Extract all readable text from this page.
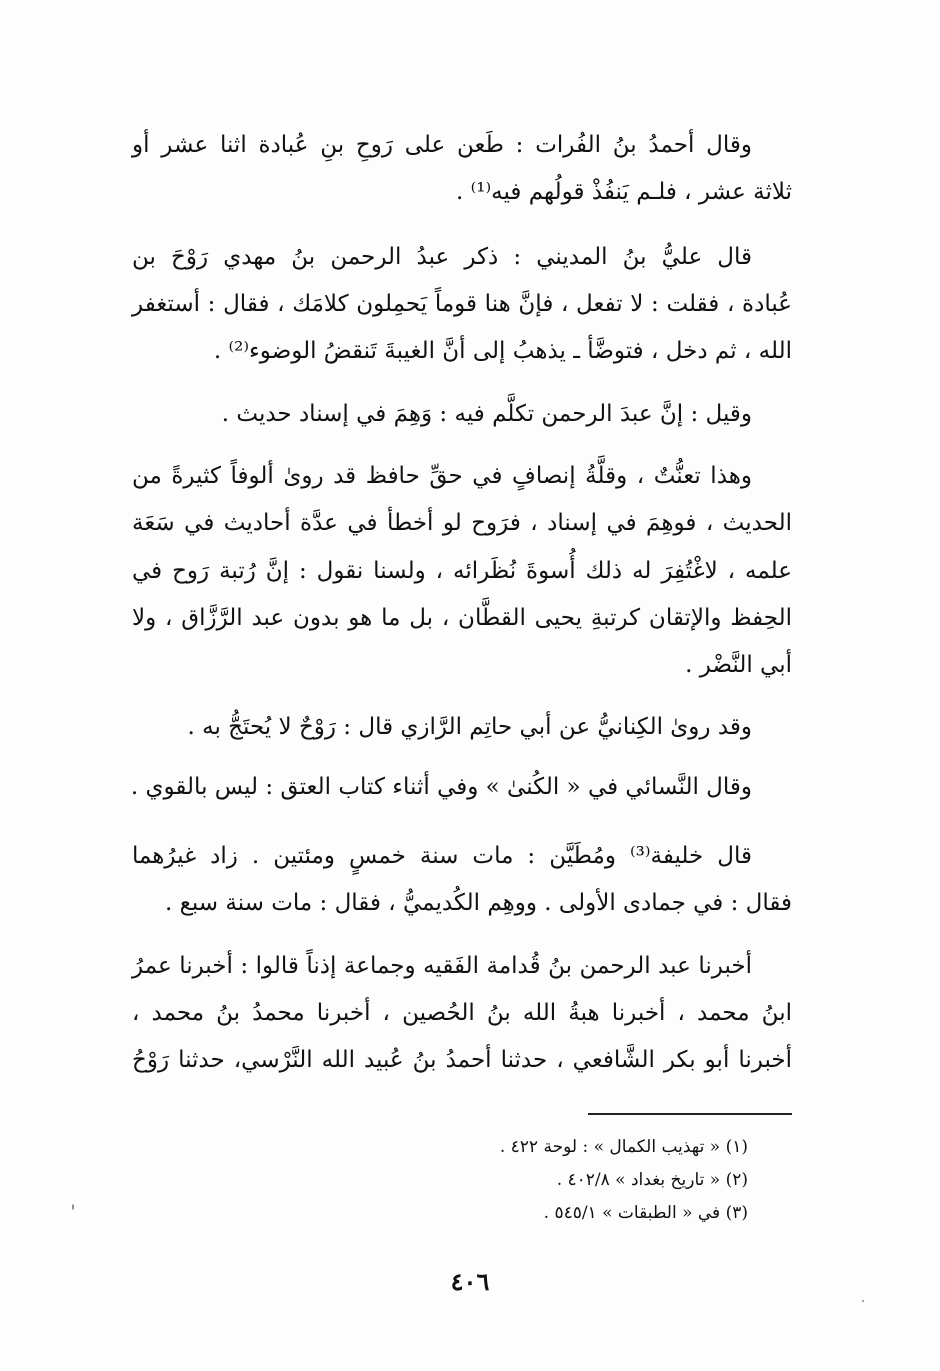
وقال أحمدُ بنُ الفُرات : طَعن على رَوحِ بنِ عُبادة اثنا عشر أو
ثلاثة عشر ، فلـم يَنفُذْ قولُهم فيه⁽¹⁾ .
قال عليُّ بنُ المديني : ذكر عبدُ الرحمن بنُ مهدي رَوْحَ بن
عُبادة ، فقلت : لا تفعل ، فإنَّ هنا قوماً يَحمِلون كلامَك ، فقال : أستغفر
الله ، ثم دخل ، فتوضَّأ ـ يذهبُ إلى أنَّ الغيبةَ تَنقضُ الوضوء⁽²⁾ .
وقيل : إنَّ عبدَ الرحمن تكلَّم فيه : وَهِمَ في إسناد حديث .
وهذا تعنُّتٌ ، وقلَّةُ إنصافٍ في حقِّ حافظ قد روىٰ ألوفاً كثيرةً من
الحديث ، فوهِمَ في إسناد ، فرَوح لو أخطأ في عدَّة أحاديث في سَعَة
علمه ، لاغْتُفِرَ له ذلك أُسوةَ نُظَرائه ، ولسنا نقول : إنَّ رُتبة رَوح في
الحِفظ والإتقان كرتبةِ يحيى القطَّان ، بل ما هو بدون عبد الرَّزَّاق ، ولا
أبي النَّضْر .
وقد روىٰ الكِنانيُّ عن أبي حاتِم الرَّازي قال : رَوْحٌ لا يُحتَجُّ به .
وقال النَّسائي في « الكُنىٰ » وفي أثناء كتاب العتق : ليس بالقوي .
قال خليفة⁽³⁾ ومُطَيَّن : مات سنة خمسٍ ومئتين . زاد غيرُهما
فقال : في جمادى الأولى . ووهِم الكُديميُّ ، فقال : مات سنة سبع .
أخبرنا عبد الرحمن بنُ قُدامة الفَقيه وجماعة إذناً قالوا : أخبرنا عمرُ
ابنُ محمد ، أخبرنا هبةُ الله بنُ الحُصين ، أخبرنا محمدُ بنُ محمد ،
أخبرنا أبو بكر الشَّافعي ، حدثنا أحمدُ بنُ عُبيد الله النَّرْسي، حدثنا رَوْحُ
(١) « تهذيب الكمال » : لوحة ٤٢٢ .
(٢) « تاريخ بغداد » ٤٠٢/٨ .
(٣) في « الطبقات » ٥٤٥/١ .
٤٠٦
